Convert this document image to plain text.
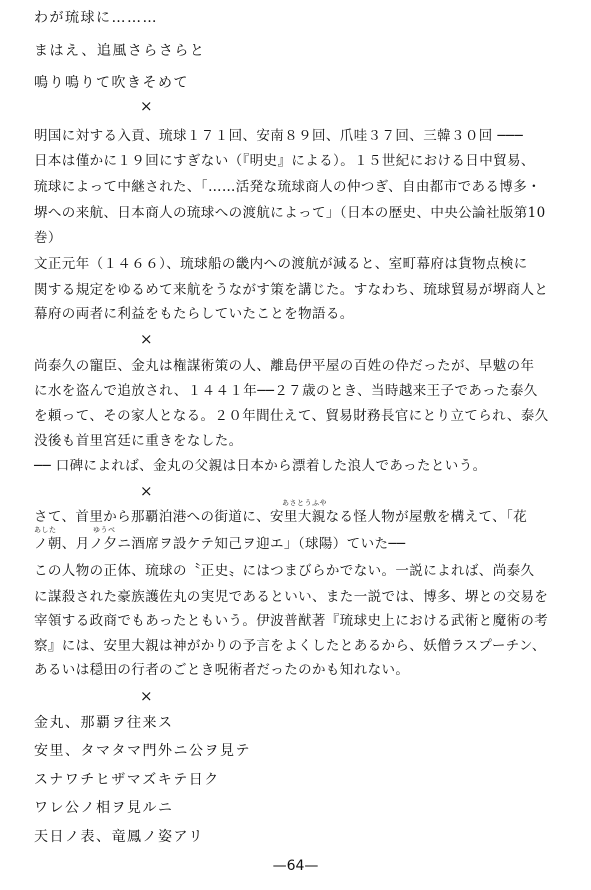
わが琉球に………
まはえ、追風さらさらと
鳴り鳴りて吹きそめて
×
明国に対する入貢、琉球１７１回、安南８９回、爪哇３７回、三韓３０回 ───
日本は僅かに１９回にすぎない（『明史』による）。１５世紀における日中貿易、
琉球によって中継された、「……活発な琉球商人の仲つぎ、自由都市である博多・
堺への来航、日本商人の琉球への渡航によって」（日本の歴史、中央公論社版第10
巻）
文正元年（１４６６）、琉球船の畿内への渡航が減ると、室町幕府は貨物点検に
関する規定をゆるめて来航をうながす策を講じた。すなわち、琉球貿易が堺商人と
幕府の両者に利益をもたらしていたことを物語る。
×
尚泰久の寵臣、金丸は権謀術策の人、離島伊平屋の百姓の伜だったが、早魃の年
に水を盗んで追放され、１４４１年──２７歳のとき、当時越来王子であった泰久
を頼って、その家人となる。２０年間仕えて、貿易財務長官にとり立てられ、泰久
没後も首里宮廷に重きをなした。
── 口碑によれば、金丸の父親は日本から漂着した浪人であったという。
×
あさとうふや
さて、首里から那覇泊港への街道に、安里大親なる怪人物が屋敷を構えて、「花
あした	ゆうべ
ノ朝、月ノ夕ニ酒席ヲ設ケテ知己ヲ迎エ」（球陽）ていた──
この人物の正体、琉球の〝正史〟にはつまびらかでない。一説によれば、尚泰久
に謀殺された豪族護佐丸の実児であるといい、また一説では、博多、堺との交易を
宰領する政商でもあったともいう。伊波普猷著『琉球史上における武術と魔術の考
察』には、安里大親は神がかりの予言をよくしたとあるから、妖僧ラスプーチン、
あるいは穏田の行者のごとき呪術者だったのかも知れない。
×
金丸、那覇ヲ往来ス
安里、タマタマ門外ニ公ヲ見テ
スナワチヒザマズキテ日ク
ワレ公ノ相ヲ見ルニ
天日ノ表、竜鳳ノ姿アリ
—64—
